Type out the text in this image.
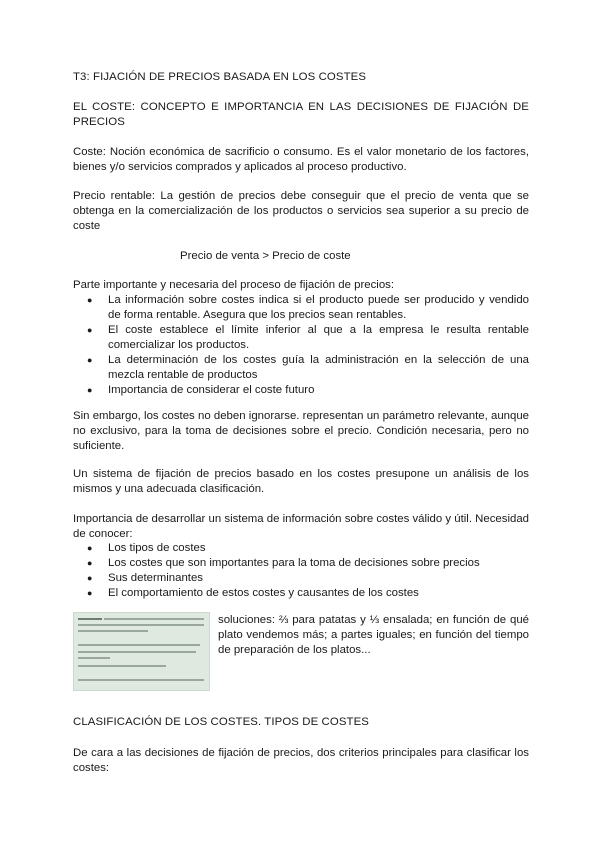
T3: FIJACIÓN DE PRECIOS BASADA EN LOS COSTES

EL COSTE: CONCEPTO E IMPORTANCIA EN LAS DECISIONES DE FIJACIÓN DE PRECIOS

Coste: Noción económica de sacrificio o consumo. Es el valor monetario de los factores, bienes y/o servicios comprados y aplicados al proceso productivo.

Precio rentable: La gestión de precios debe conseguir que el precio de venta que se obtenga en la comercialización de los productos o servicios sea superior a su precio de coste

Precio de venta > Precio de coste

Parte importante y necesaria del proceso de fijación de precios:

● La información sobre costes indica si el producto puede ser producido y vendido de forma rentable. Asegura que los precios sean rentables.
● El coste establece el límite inferior al que a la empresa le resulta rentable comercializar los productos.
● La determinación de los costes guía la administración en la selección de una mezcla rentable de productos
● Importancia de considerar el coste futuro

Sin embargo, los costes no deben ignorarse. representan un parámetro relevante, aunque no exclusivo, para la toma de decisiones sobre el precio. Condición necesaria, pero no suficiente.

Un sistema de fijación de precios basado en los costes presupone un análisis de los mismos y una adecuada clasificación.

Importancia de desarrollar un sistema de información sobre costes válido y útil. Necesidad de conocer:

● Los tipos de costes
● Los costes que son importantes para la toma de decisiones sobre precios
● Sus determinantes
● El comportamiento de estos costes y causantes de los costes

soluciones: ⅔ para patatas y ⅓ ensalada; en función de qué plato vendemos más; a partes iguales; en función del tiempo de preparación de los platos...

CLASIFICACIÓN DE LOS COSTES. TIPOS DE COSTES

De cara a las decisiones de fijación de precios, dos criterios principales para clasificar los costes:
